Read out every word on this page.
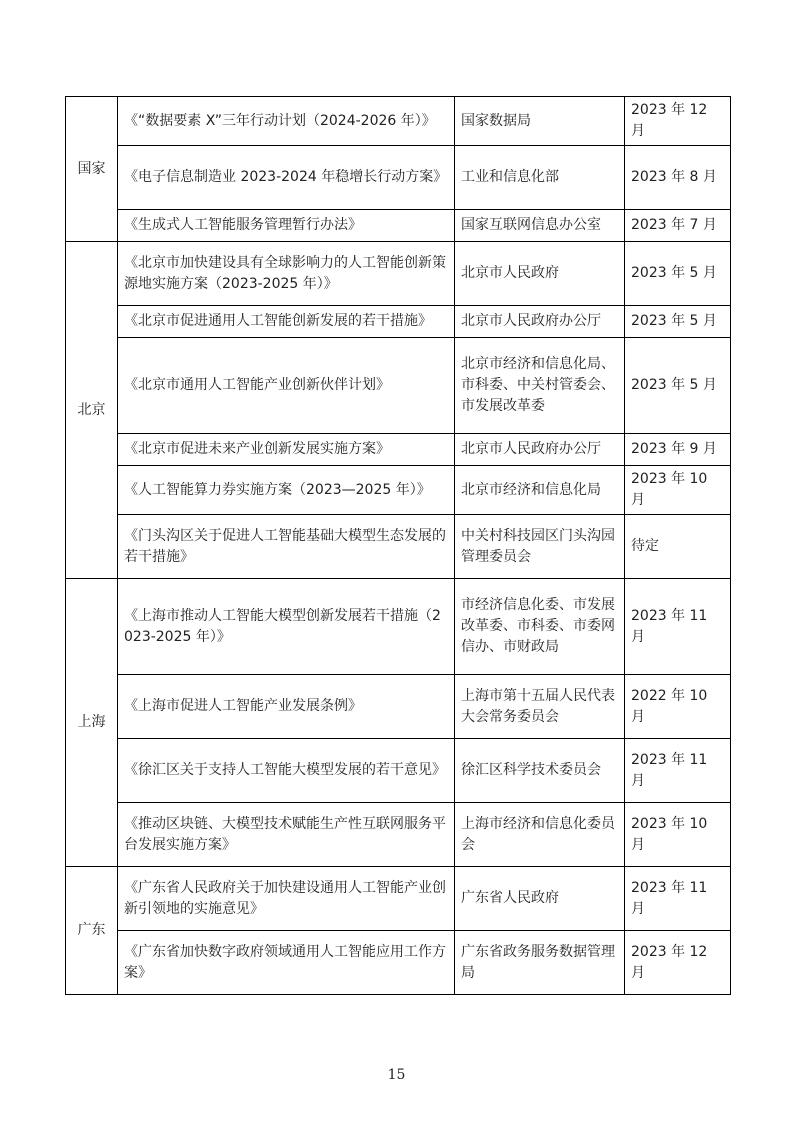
国家	《“数据要素 X”三年行动计划（2024-2026 年）》	国家数据局	2023 年 12 月
	《电子信息制造业 2023-2024 年稳增长行动方案》	工业和信息化部	2023 年 8 月
	《生成式人工智能服务管理暂行办法》	国家互联网信息办公室	2023 年 7 月
北京	《北京市加快建设具有全球影响力的人工智能创新策源地实施方案（2023-2025 年）》	北京市人民政府	2023 年 5 月
	《北京市促进通用人工智能创新发展的若干措施》	北京市人民政府办公厅	2023 年 5 月
	《北京市通用人工智能产业创新伙伴计划》	北京市经济和信息化局、市科委、中关村管委会、市发展改革委	2023 年 5 月
	《北京市促进未来产业创新发展实施方案》	北京市人民政府办公厅	2023 年 9 月
	《人工智能算力券实施方案（2023—2025 年）》	北京市经济和信息化局	2023 年 10 月
	《门头沟区关于促进人工智能基础大模型生态发展的若干措施》	中关村科技园区门头沟园管理委员会	待定
上海	《上海市推动人工智能大模型创新发展若干措施（2023-2025 年）》	市经济信息化委、市发展改革委、市科委、市委网信办、市财政局	2023 年 11 月
	《上海市促进人工智能产业发展条例》	上海市第十五届人民代表大会常务委员会	2022 年 10 月
	《徐汇区关于支持人工智能大模型发展的若干意见》	徐汇区科学技术委员会	2023 年 11 月
	《推动区块链、大模型技术赋能生产性互联网服务平台发展实施方案》	上海市经济和信息化委员会	2023 年 10 月
广东	《广东省人民政府关于加快建设通用人工智能产业创新引领地的实施意见》	广东省人民政府	2023 年 11 月
	《广东省加快数字政府领域通用人工智能应用工作方案》	广东省政务服务数据管理局	2023 年 12 月
15
